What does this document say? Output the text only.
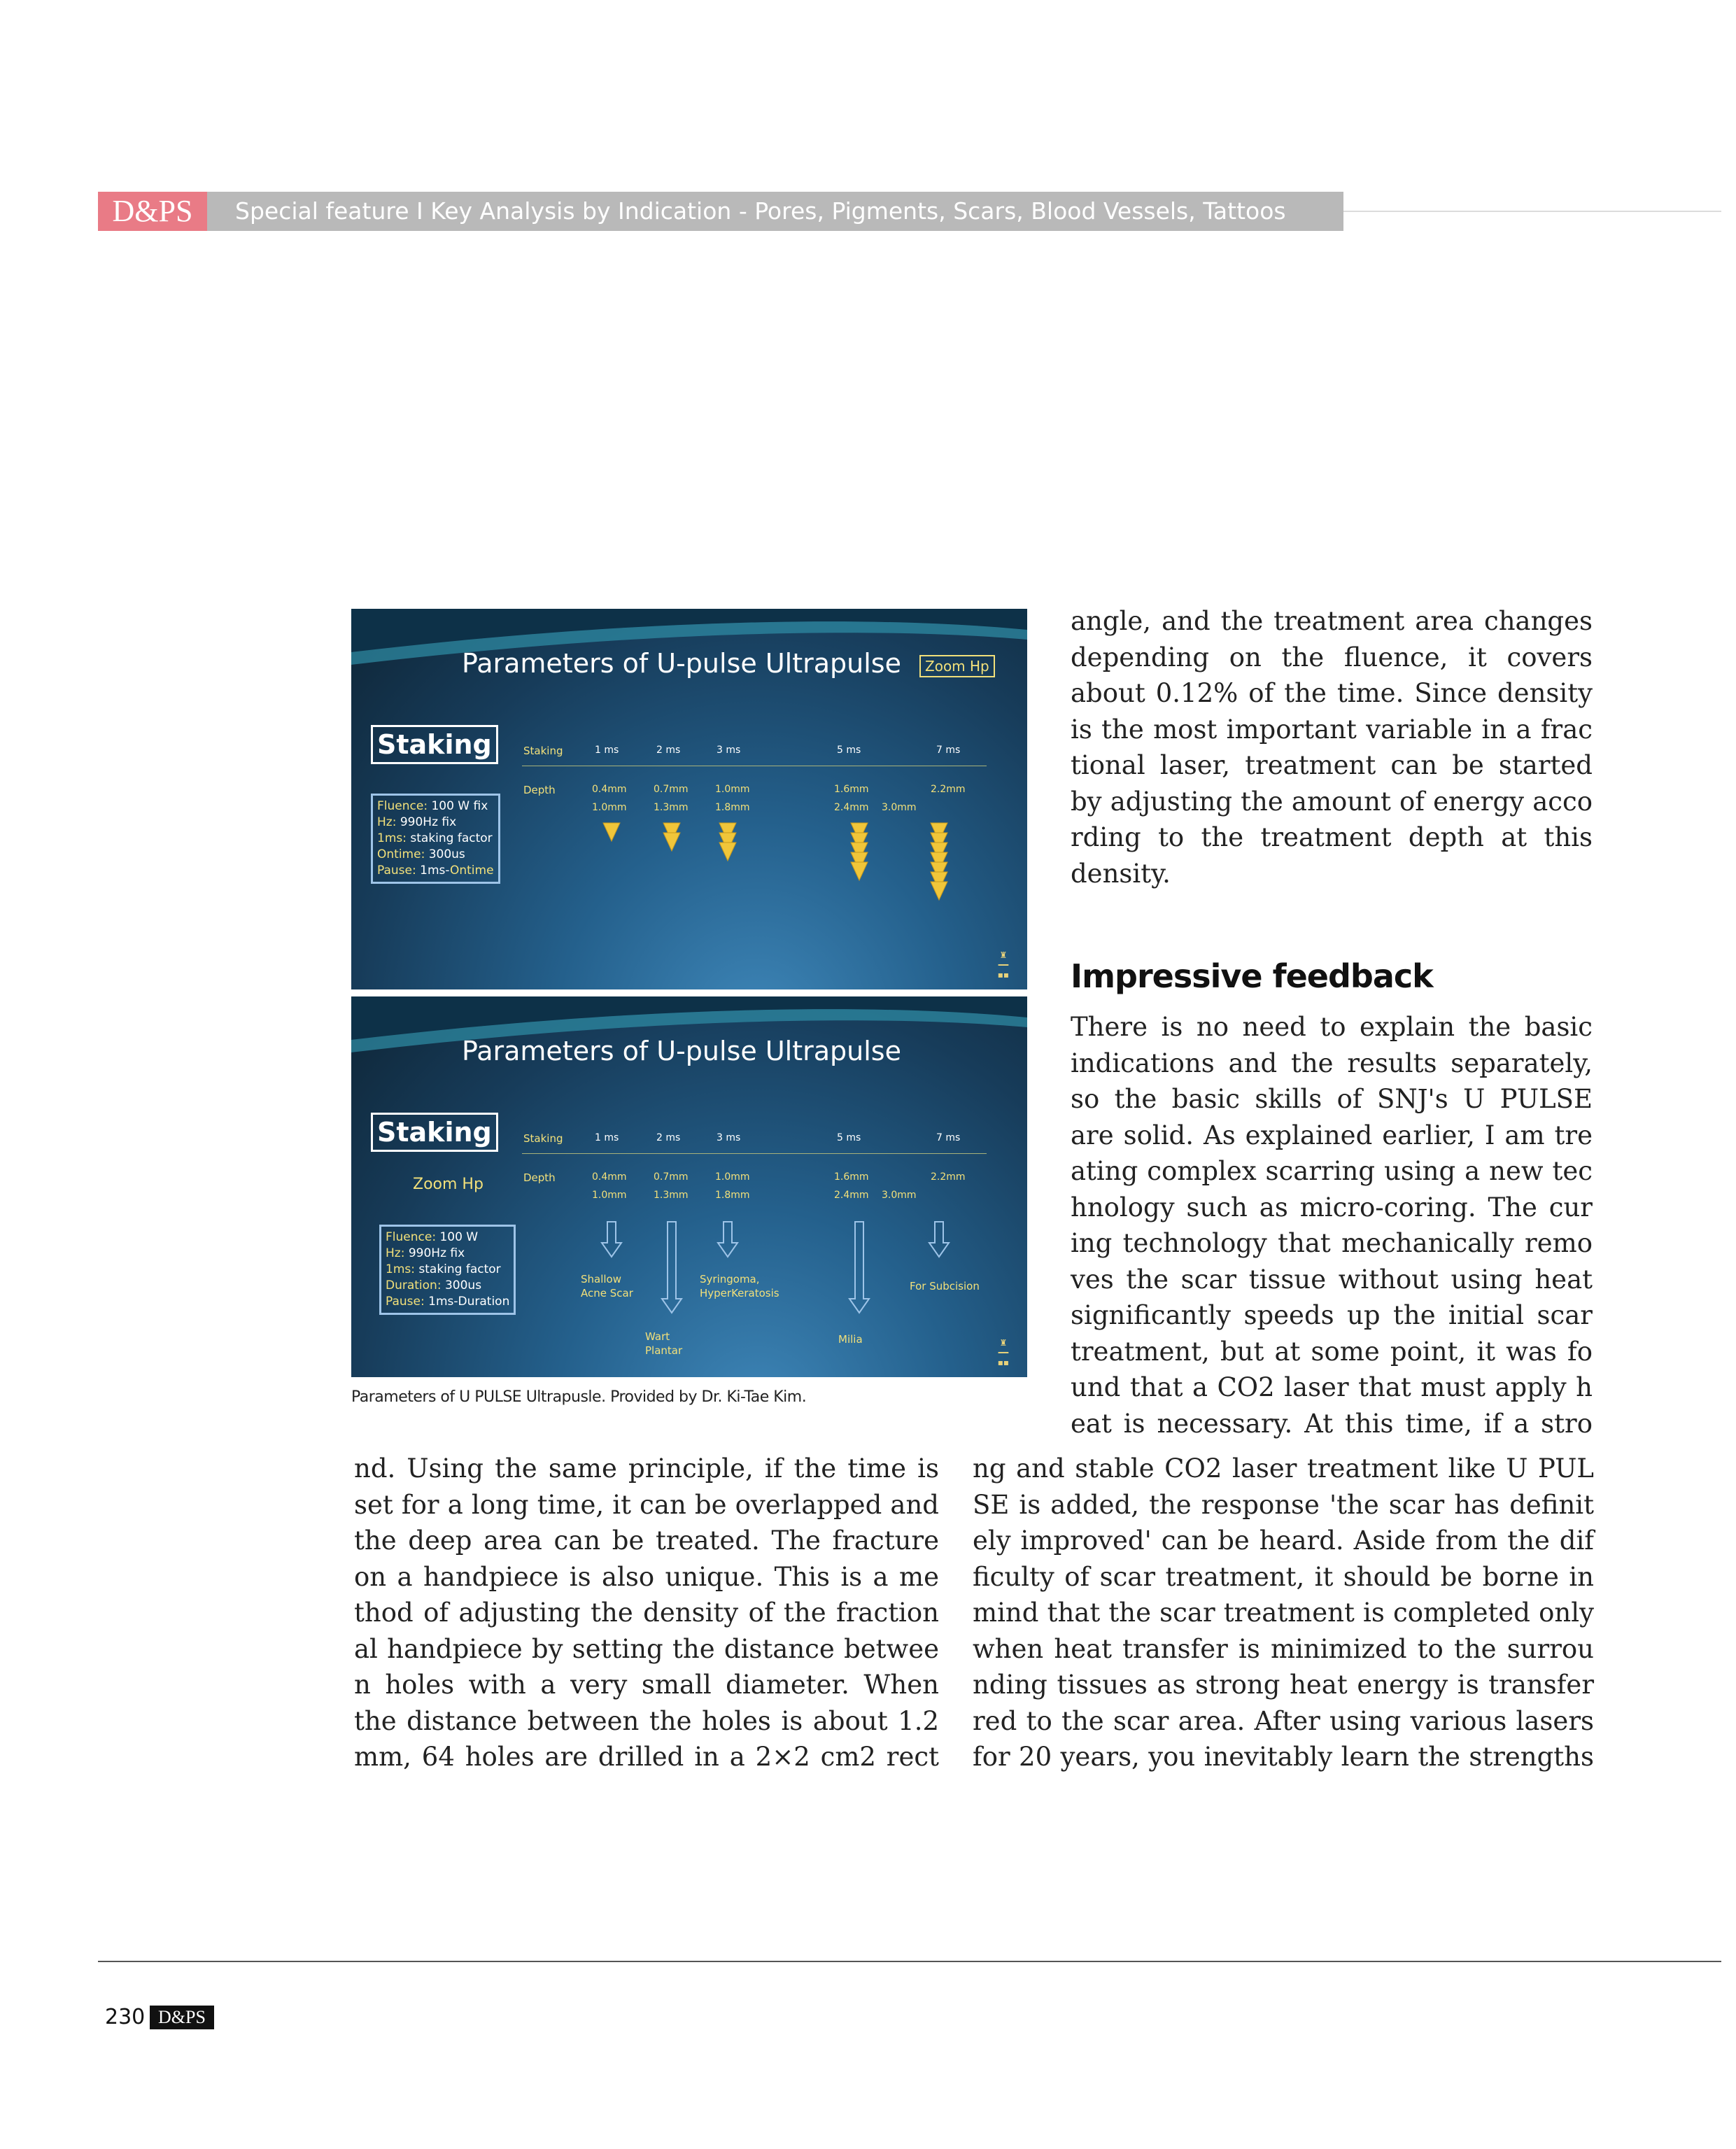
D&PS	Special feature I Key Analysis by Indication - Pores, Pigments, Scars, Blood Vessels, Tattoos
Parameters of U-pulse Ultrapulse	Zoom Hp
Staking	Staking
Depth
1 ms	2 ms	3 ms	5 ms	7 ms
0.4mm	0.7mm	1.0mm	1.6mm	2.2mm
1.0mm	1.3mm	1.8mm	2.4mm 3.0mm
Fluence: 100 W fix
Hz: 990Hz fix
1ms: staking factor
Ontime: 300us
Pause: 1ms-Ontime
♜
━━
▪▪
Parameters of U-pulse Ultrapulse
Staking
Zoom Hp
Staking
Depth
1 ms	2 ms	3 ms	5 ms	7 ms
0.4mm	0.7mm	1.0mm	1.6mm	2.2mm
1.0mm	1.3mm	1.8mm	2.4mm 3.0mm
Fluence: 100 W
Hz: 990Hz fix
1ms: staking factor
Duration: 300us
Pause: 1ms-Duration
Shallow
Acne Scar
Wart
Plantar
Syringoma,
HyperKeratosis
Milia
For Subcision
♜
━━
▪▪
Parameters of U PULSE Ultrapusle. Provided by Dr. Ki-Tae Kim.

angle, and the treatment area changes

depending on the fluence, it covers

about 0.12% of the time. Since density

is the most important variable in a frac

tional laser, treatment can be started

by adjusting the amount of energy acco

rding to the treatment depth at this

density.

Impressive feedback

There is no need to explain the basic

indications and the results separately,

so the basic skills of SNJ's U PULSE

are solid. As explained earlier, I am tre

ating complex scarring using a new tec

hnology such as micro-coring. The cur

ing technology that mechanically remo

ves the scar tissue without using heat

significantly speeds up the initial scar

treatment, but at some point, it was fo

und that a CO2 laser that must apply h

eat is necessary. At this time, if a stro

nd. Using the same principle, if the time is

set for a long time, it can be overlapped and

the deep area can be treated. The fracture

on a handpiece is also unique. This is a me

thod of adjusting the density of the fraction

al handpiece by setting the distance betwee

n holes with a very small diameter. When

the distance between the holes is about 1.2

mm, 64 holes are drilled in a 2×2 cm2 rect

ng and stable CO2 laser treatment like U PUL

SE is added, the response 'the scar has definit

ely improved' can be heard. Aside from the dif

ficulty of scar treatment, it should be borne in

mind that the scar treatment is completed only

when heat transfer is minimized to the surrou

nding tissues as strong heat energy is transfer

red to the scar area. After using various lasers

for 20 years, you inevitably learn the strengths

230 D&PS
